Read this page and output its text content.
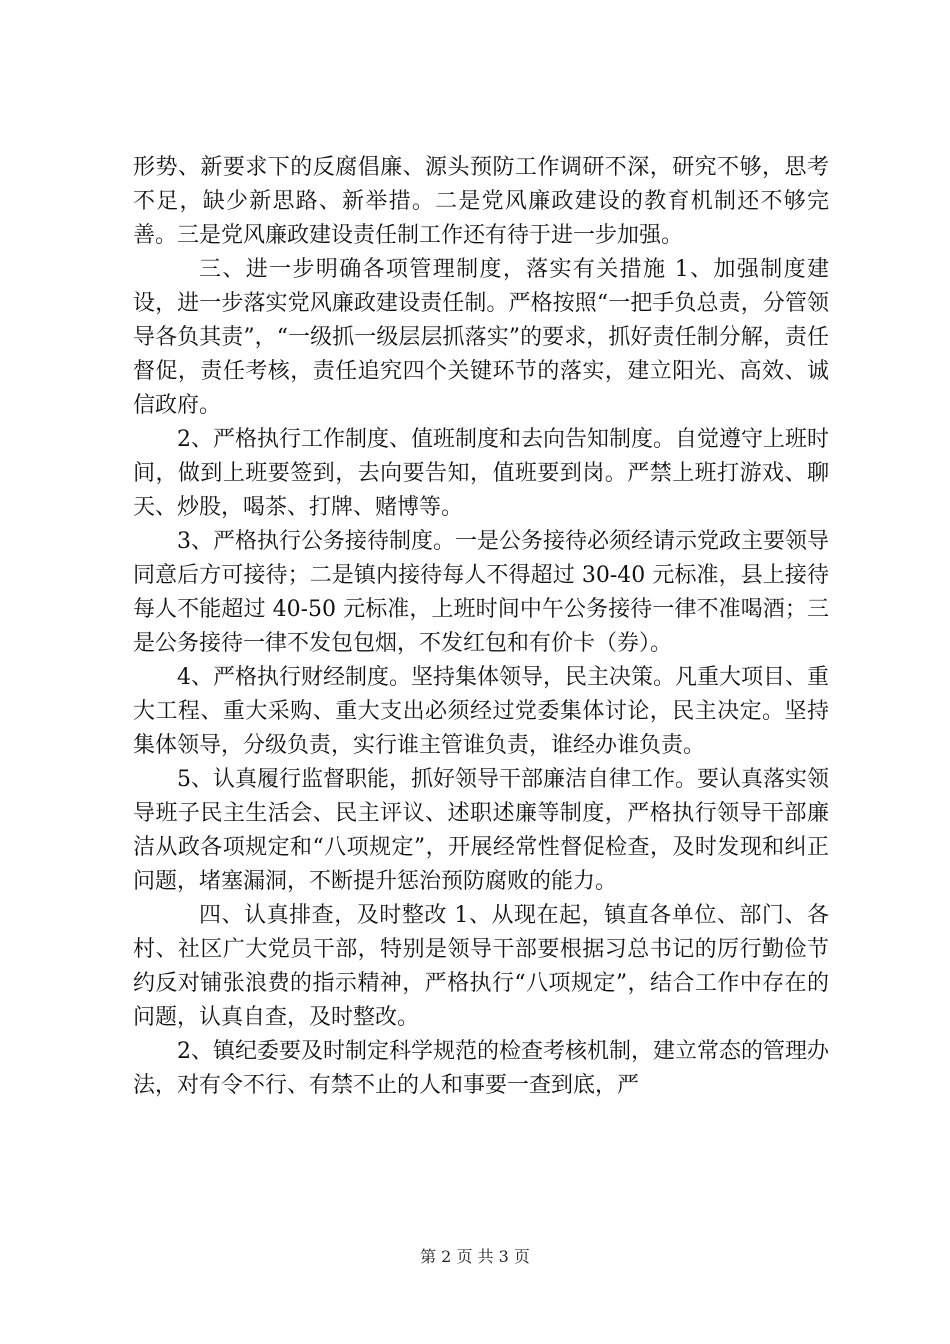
形势、新要求下的反腐倡廉、源头预防工作调研不深，研究不够，思考不足，缺少新思路、新举措。二是党风廉政建设的教育机制还不够完善。三是党风廉政建设责任制工作还有待于进一步加强。

三、进一步明确各项管理制度，落实有关措施 1、加强制度建设，进一步落实党风廉政建设责任制。严格按照“一把手负总责，分管领导各负其责”，“一级抓一级层层抓落实”的要求，抓好责任制分解，责任督促，责任考核，责任追究四个关键环节的落实，建立阳光、高效、诚信政府。

2、严格执行工作制度、值班制度和去向告知制度。自觉遵守上班时间，做到上班要签到，去向要告知，值班要到岗。严禁上班打游戏、聊天、炒股，喝茶、打牌、赌博等。

3、严格执行公务接待制度。一是公务接待必须经请示党政主要领导同意后方可接待；二是镇内接待每人不得超过 30-40 元标准，县上接待每人不能超过 40-50 元标准，上班时间中午公务接待一律不准喝酒；三是公务接待一律不发包包烟，不发红包和有价卡（券）。

4、严格执行财经制度。坚持集体领导，民主决策。凡重大项目、重大工程、重大采购、重大支出必须经过党委集体讨论，民主决定。坚持集体领导，分级负责，实行谁主管谁负责，谁经办谁负责。

5、认真履行监督职能，抓好领导干部廉洁自律工作。要认真落实领导班子民主生活会、民主评议、述职述廉等制度，严格执行领导干部廉洁从政各项规定和“八项规定”，开展经常性督促检查，及时发现和纠正问题，堵塞漏洞，不断提升惩治预防腐败的能力。

四、认真排查，及时整改 1、从现在起，镇直各单位、部门、各村、社区广大党员干部，特别是领导干部要根据习总书记的厉行勤俭节约反对铺张浪费的指示精神，严格执行“八项规定”，结合工作中存在的问题，认真自查，及时整改。

2、镇纪委要及时制定科学规范的检查考核机制，建立常态的管理办法，对有令不行、有禁不止的人和事要一查到底，严

第 2 页 共 3 页
